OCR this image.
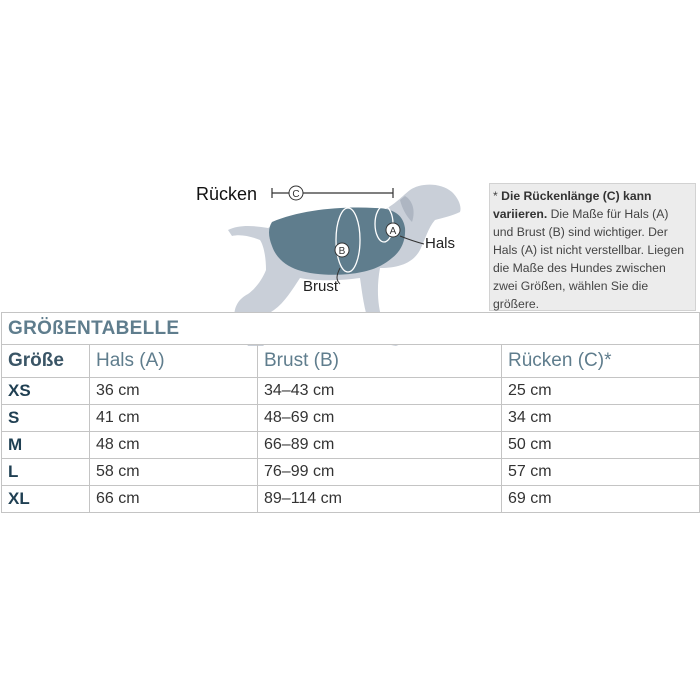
C
A
B
Rücken
Hals
Brust
* Die Rückenlänge (C) kann variieren. Die Maße für Hals (A) und Brust (B) sind wichtiger. Der Hals (A) ist nicht verstellbar. Liegen die Maße des Hundes zwischen zwei Größen, wählen Sie die größere.
GRÖßENTABELLE			
Größe	Hals (A)	Brust (B)	Rücken (C)*
XS	36 cm	34–43 cm	25 cm
S	41 cm	48–69 cm	34 cm
M	48 cm	66–89 cm	50 cm
L	58 cm	76–99 cm	57 cm
XL	66 cm	89–114 cm	69 cm
